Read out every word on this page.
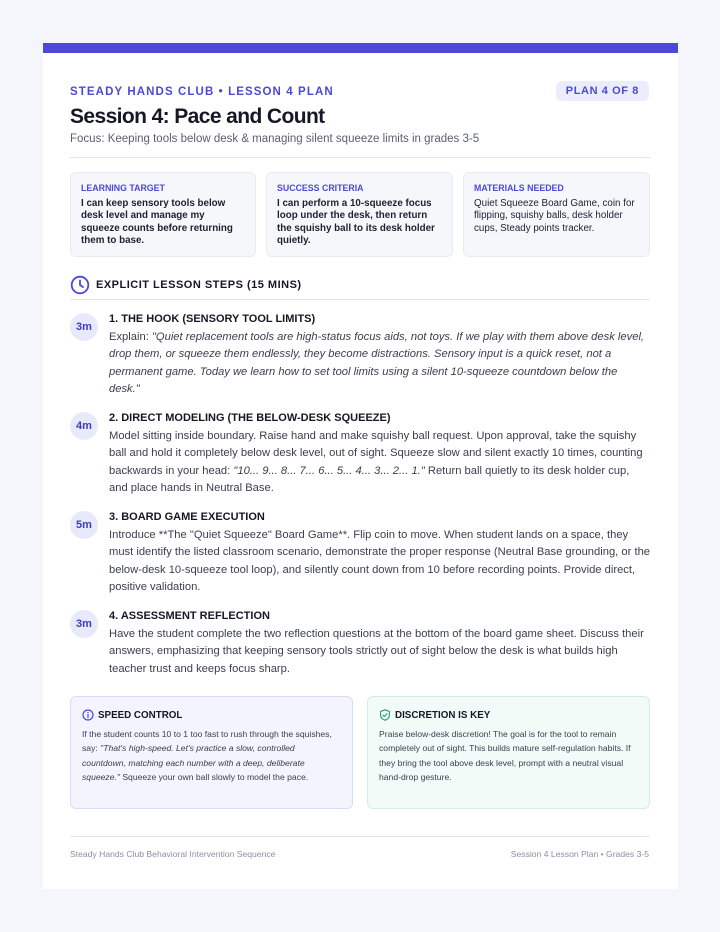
STEADY HANDS CLUB • LESSON 4 PLAN	PLAN 4 OF 8
Session 4: Pace and Count
Focus: Keeping tools below desk & managing silent squeeze limits in grades 3-5
LEARNING TARGET
I can keep sensory tools below desk level and manage my squeeze counts before returning them to base.
SUCCESS CRITERIA
I can perform a 10-squeeze focus loop under the desk, then return the squishy ball to its desk holder quietly.
MATERIALS NEEDED
Quiet Squeeze Board Game, coin for flipping, squishy balls, desk holder cups, Steady points tracker.
EXPLICIT LESSON STEPS (15 MINS)
3m
1. THE HOOK (SENSORY TOOL LIMITS)
Explain: "Quiet replacement tools are high-status focus aids, not toys. If we play with them above desk level, drop them, or squeeze them endlessly, they become distractions. Sensory input is a quick reset, not a permanent game. Today we learn how to set tool limits using a silent 10-squeeze countdown below the desk."
4m
2. DIRECT MODELING (THE BELOW-DESK SQUEEZE)
Model sitting inside boundary. Raise hand and make squishy ball request. Upon approval, take the squishy ball and hold it completely below desk level, out of sight. Squeeze slow and silent exactly 10 times, counting backwards in your head: "10... 9... 8... 7... 6... 5... 4... 3... 2... 1." Return ball quietly to its desk holder cup, and place hands in Neutral Base.
5m
3. BOARD GAME EXECUTION
Introduce **The "Quiet Squeeze" Board Game**. Flip coin to move. When student lands on a space, they must identify the listed classroom scenario, demonstrate the proper response (Neutral Base grounding, or the below-desk 10-squeeze tool loop), and silently count down from 10 before recording points. Provide direct, positive validation.
3m
4. ASSESSMENT REFLECTION
Have the student complete the two reflection questions at the bottom of the board game sheet. Discuss their answers, emphasizing that keeping sensory tools strictly out of sight below the desk is what builds high teacher trust and keeps focus sharp.
SPEED CONTROL
If the student counts 10 to 1 too fast to rush through the squishes, say: "That's high-speed. Let's practice a slow, controlled countdown, matching each number with a deep, deliberate squeeze." Squeeze your own ball slowly to model the pace.
DISCRETION IS KEY
Praise below-desk discretion! The goal is for the tool to remain completely out of sight. This builds mature self-regulation habits. If they bring the tool above desk level, prompt with a neutral visual hand-drop gesture.
Steady Hands Club Behavioral Intervention Sequence	Session 4 Lesson Plan • Grades 3-5
